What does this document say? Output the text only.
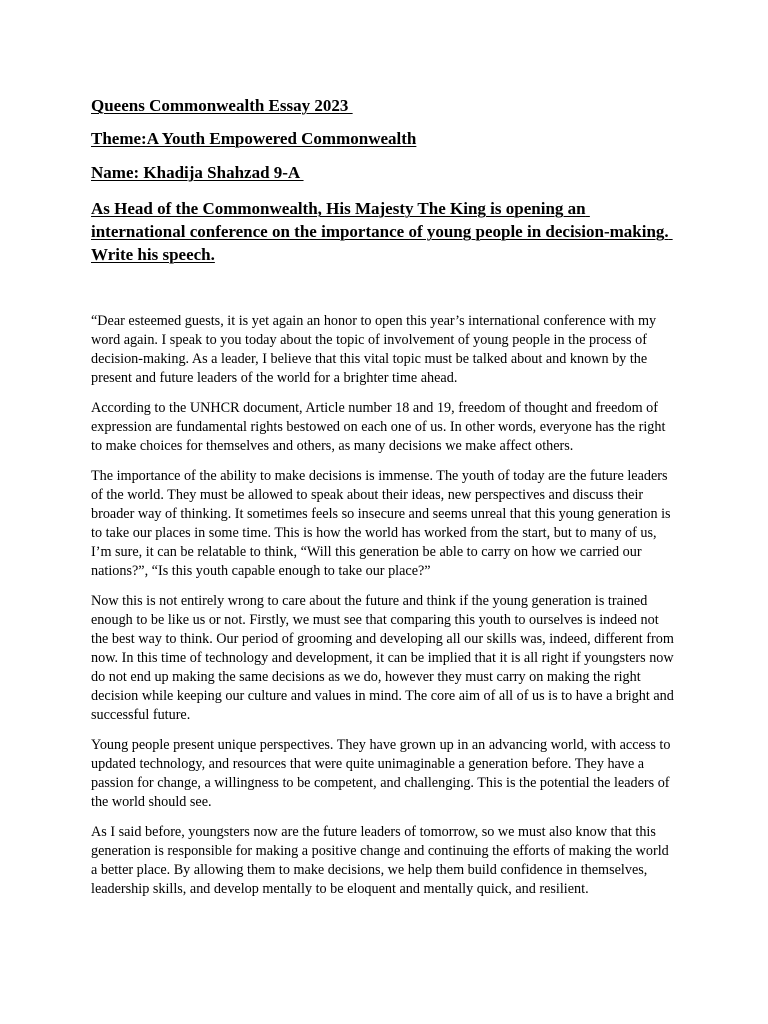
Queens Commonwealth Essay 2023

Theme:A Youth Empowered Commonwealth

Name: Khadija Shahzad 9-A

As Head of the Commonwealth, His Majesty The King is opening an international conference on the importance of young people in decision-making. Write his speech.

“Dear esteemed guests, it is yet again an honor to open this year’s international conference with my word again. I speak to you today about the topic of involvement of young people in the process of decision-making. As a leader, I believe that this vital topic must be talked about and known by the present and future leaders of the world for a brighter time ahead.

According to the UNHCR document, Article number 18 and 19, freedom of thought and freedom of expression are fundamental rights bestowed on each one of us. In other words, everyone has the right to make choices for themselves and others, as many decisions we make affect others.

The importance of the ability to make decisions is immense. The youth of today are the future leaders of the world. They must be allowed to speak about their ideas, new perspectives and discuss their broader way of thinking. It sometimes feels so insecure and seems unreal that this young generation is to take our places in some time. This is how the world has worked from the start, but to many of us, I’m sure, it can be relatable to think, “Will this generation be able to carry on how we carried our nations?”, “Is this youth capable enough to take our place?”

Now this is not entirely wrong to care about the future and think if the young generation is trained enough to be like us or not. Firstly, we must see that comparing this youth to ourselves is indeed not the best way to think. Our period of grooming and developing all our skills was, indeed, different from now. In this time of technology and development, it can be implied that it is all right if youngsters now do not end up making the same decisions as we do, however they must carry on making the right decision while keeping our culture and values in mind. The core aim of all of us is to have a bright and successful future.

Young people present unique perspectives. They have grown up in an advancing world, with access to updated technology, and resources that were quite unimaginable a generation before. They have a passion for change, a willingness to be competent, and challenging. This is the potential the leaders of the world should see.

As I said before, youngsters now are the future leaders of tomorrow, so we must also know that this generation is responsible for making a positive change and continuing the efforts of making the world a better place. By allowing them to make decisions, we help them build confidence in themselves, leadership skills, and develop mentally to be eloquent and mentally quick, and resilient.
